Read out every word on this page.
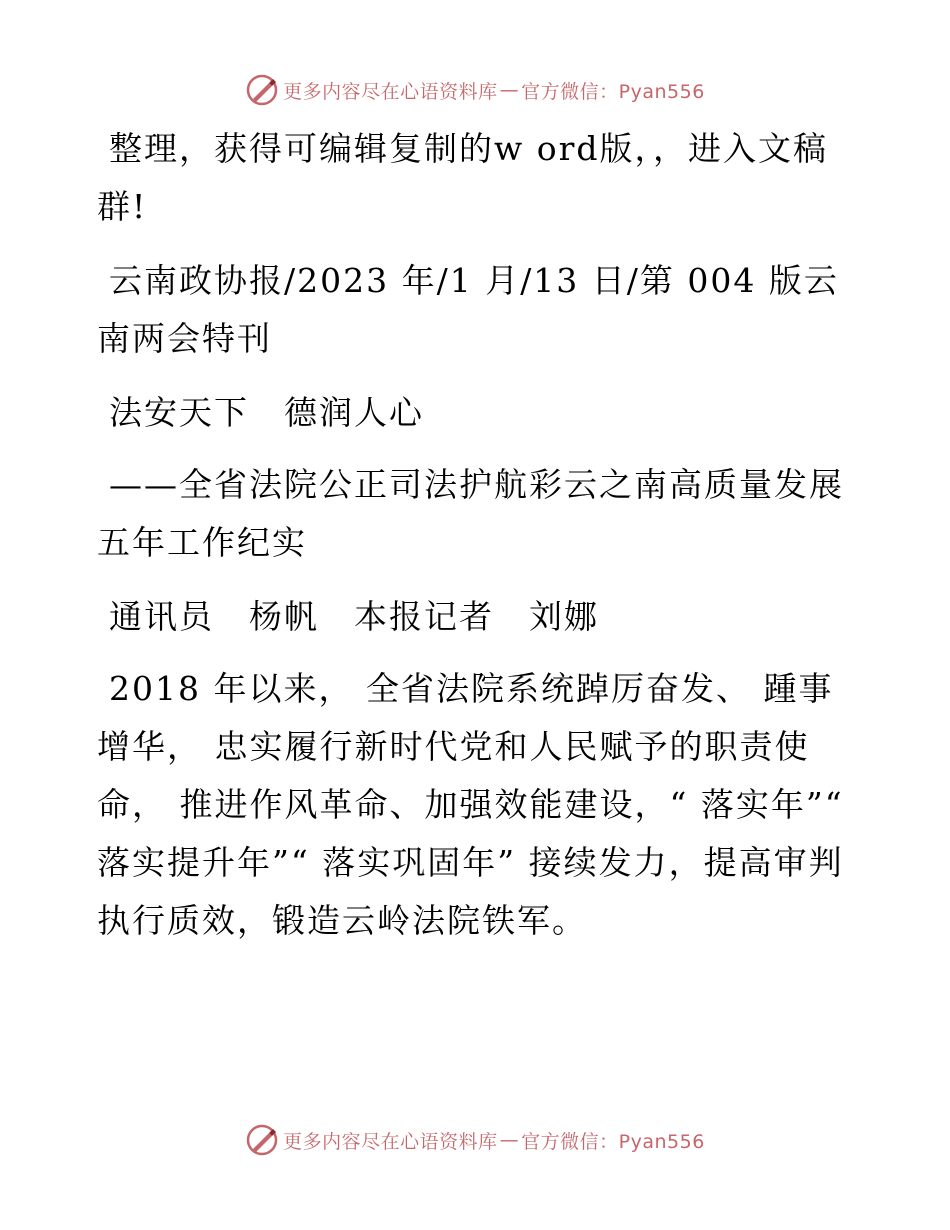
更多内容尽在心语资料库 — 官方微信：Pyan556

整理，获得可编辑复制的w ord版，，进入文稿群!

云南政协报/2023 年/1 月/13 日/第 004 版云南两会特刊

法安天下　德润人心

——全省法院公正司法护航彩云之南高质量发展五年工作纪实

通讯员　杨帆　本报记者　刘娜

2018 年以来， 全省法院系统踔厉奋发、 踵事增华， 忠实履行新时代党和人民赋予的职责使命， 推进作风革命、加强效能建设，“ 落实年”“ 落实提升年”“ 落实巩固年” 接续发力，提高审判执行质效，锻造云岭法院铁军。

更多内容尽在心语资料库 — 官方微信：Pyan556
